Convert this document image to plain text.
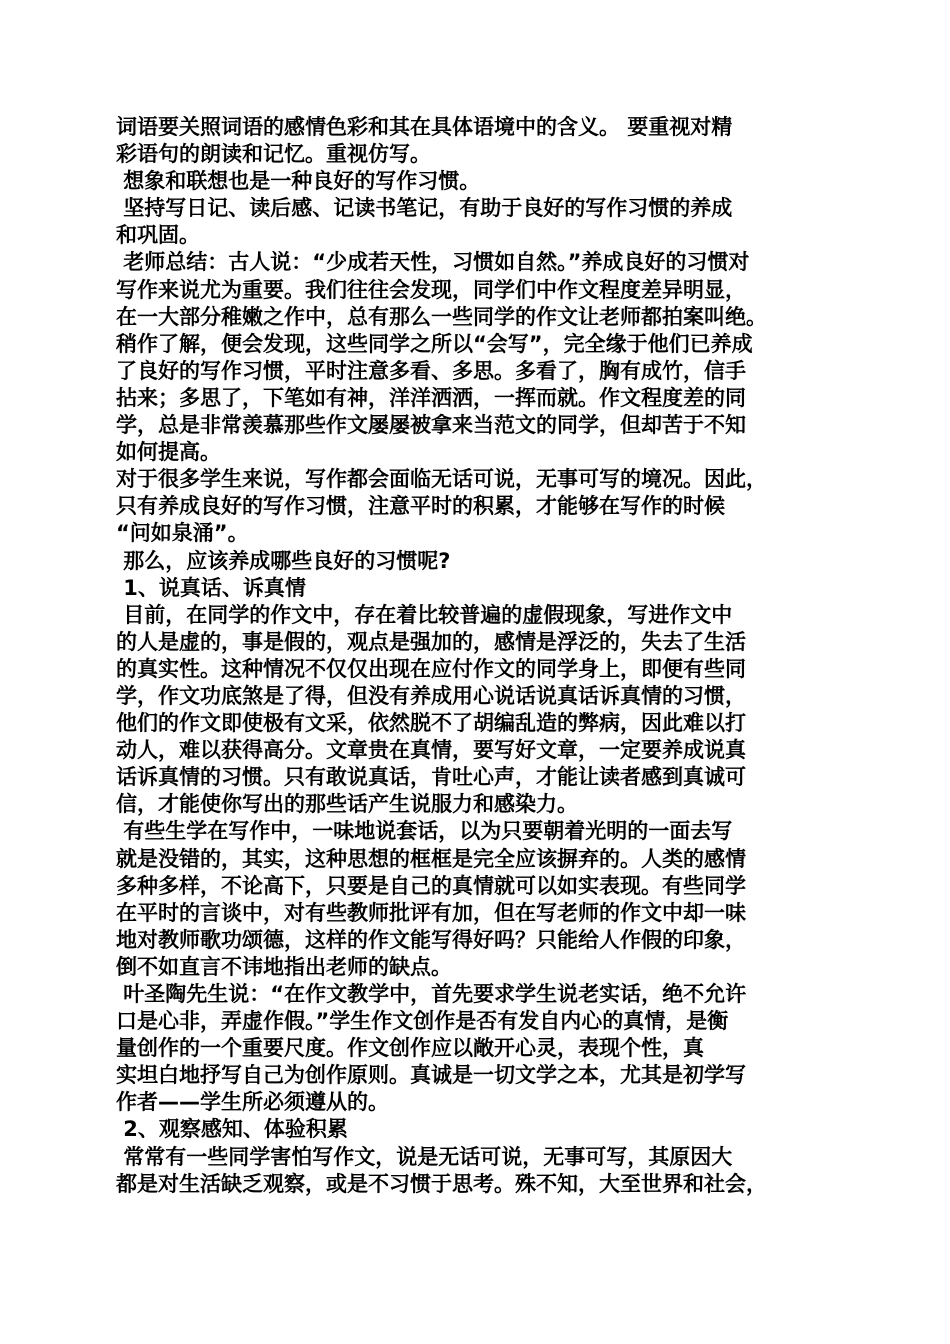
词语要关照词语的感情色彩和其在具体语境中的含义。 要重视对精
彩语句的朗读和记忆。重视仿写。
想象和联想也是一种良好的写作习惯。
坚持写日记、读后感、记读书笔记，有助于良好的写作习惯的养成
和巩固。
老师总结：古人说：“少成若天性，习惯如自然。”养成良好的习惯对
写作来说尤为重要。我们往往会发现，同学们中作文程度差异明显，
在一大部分稚嫩之作中，总有那么一些同学的作文让老师都拍案叫绝。
稍作了解，便会发现，这些同学之所以“会写”，完全缘于他们已养成
了良好的写作习惯，平时注意多看、多思。多看了，胸有成竹，信手
拈来；多思了，下笔如有神，洋洋洒洒，一挥而就。作文程度差的同
学，总是非常羡慕那些作文屡屡被拿来当范文的同学，但却苦于不知
如何提高。
对于很多学生来说，写作都会面临无话可说，无事可写的境况。因此，
只有养成良好的写作习惯，注意平时的积累，才能够在写作的时候
“问如泉涌”。
那么，应该养成哪些良好的习惯呢?
1、说真话、诉真情
目前，在同学的作文中，存在着比较普遍的虚假现象，写进作文中
的人是虚的，事是假的，观点是强加的，感情是浮泛的，失去了生活
的真实性。这种情况不仅仅出现在应付作文的同学身上，即便有些同
学，作文功底煞是了得，但没有养成用心说话说真话诉真情的习惯，
他们的作文即使极有文采，依然脱不了胡编乱造的弊病，因此难以打
动人，难以获得高分。文章贵在真情，要写好文章，一定要养成说真
话诉真情的习惯。只有敢说真话，肯吐心声，才能让读者感到真诚可
信，才能使你写出的那些话产生说服力和感染力。
有些生学在写作中，一味地说套话，以为只要朝着光明的一面去写
就是没错的，其实，这种思想的框框是完全应该摒弃的。人类的感情
多种多样，不论高下，只要是自己的真情就可以如实表现。有些同学
在平时的言谈中，对有些教师批评有加，但在写老师的作文中却一味
地对教师歌功颂德，这样的作文能写得好吗？只能给人作假的印象，
倒不如直言不讳地指出老师的缺点。
叶圣陶先生说：“在作文教学中，首先要求学生说老实话，绝不允许
口是心非，弄虚作假。”学生作文创作是否有发自内心的真情，是衡
量创作的一个重要尺度。作文创作应以敞开心灵，表现个性，真
实坦白地抒写自己为创作原则。真诚是一切文学之本，尤其是初学写
作者——学生所必须遵从的。
2、观察感知、体验积累
常常有一些同学害怕写作文，说是无话可说，无事可写，其原因大
都是对生活缺乏观察，或是不习惯于思考。殊不知，大至世界和社会，
